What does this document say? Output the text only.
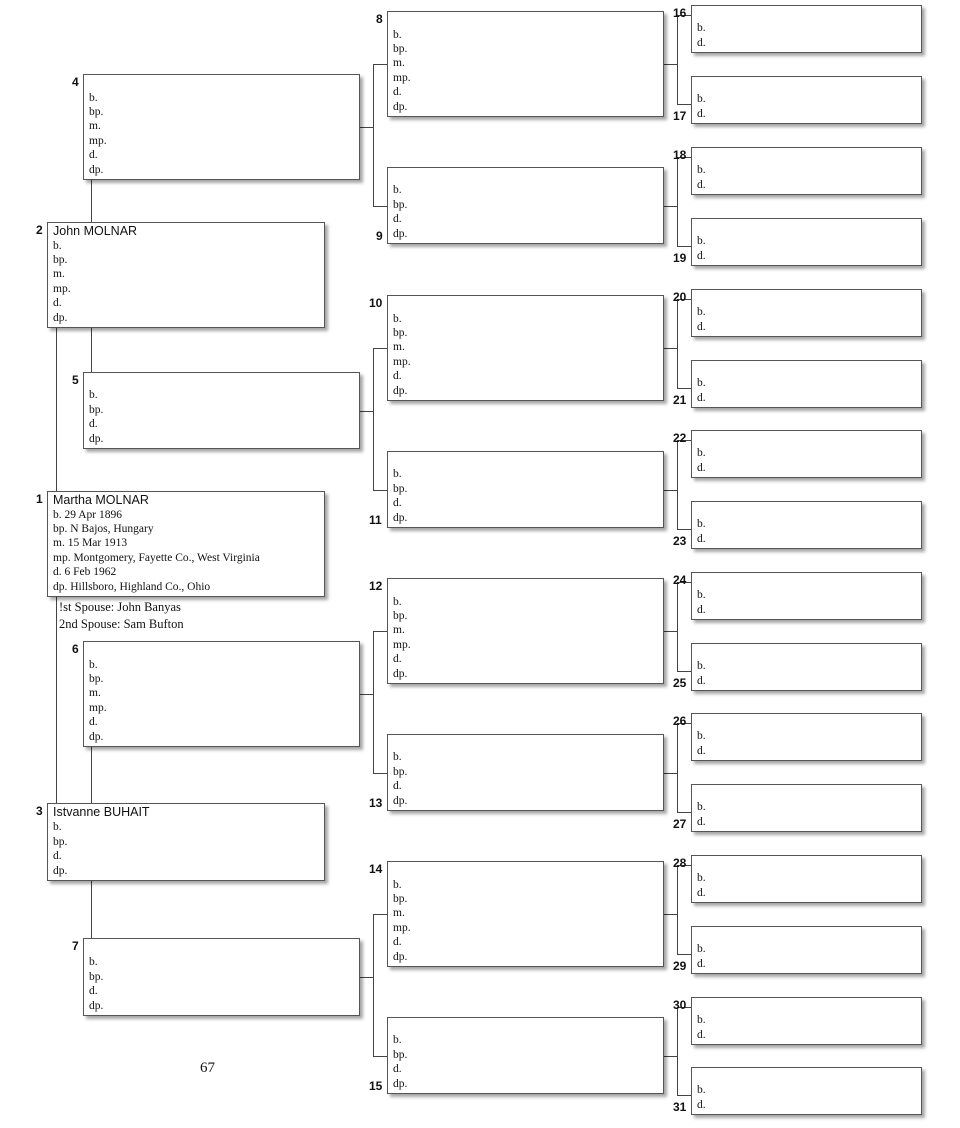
Martha MOLNAR
b. 29 Apr 1896
bp. N Bajos, Hungary
m. 15 Mar 1913
mp. Montgomery, Fayette Co., West Virginia
d. 6 Feb 1962
dp. Hillsboro, Highland Co., Ohio
1
John MOLNAR
b.
bp.
m.
mp.
d.
dp.
2
Istvanne BUHAIT
b.
bp.
d.
dp.
3
b.
bp.
m.
mp.
d.
dp.
4
b.
bp.
d.
dp.
5
b.
bp.
m.
mp.
d.
dp.
6
b.
bp.
d.
dp.
7
b.
bp.
m.
mp.
d.
dp.
8
b.
bp.
d.
dp.
9
b.
bp.
m.
mp.
d.
dp.
10
b.
bp.
d.
dp.
11
b.
bp.
m.
mp.
d.
dp.
12
b.
bp.
d.
dp.
13
b.
bp.
m.
mp.
d.
dp.
14
b.
bp.
d.
dp.
15
b.
d.
16
b.
d.
17
b.
d.
18
b.
d.
19
b.
d.
20
b.
d.
21
b.
d.
22
b.
d.
23
b.
d.
24
b.
d.
25
b.
d.
26
b.
d.
27
b.
d.
28
b.
d.
29
b.
d.
30
b.
d.
31
!st Spouse: John Banyas
2nd Spouse: Sam Bufton
67
